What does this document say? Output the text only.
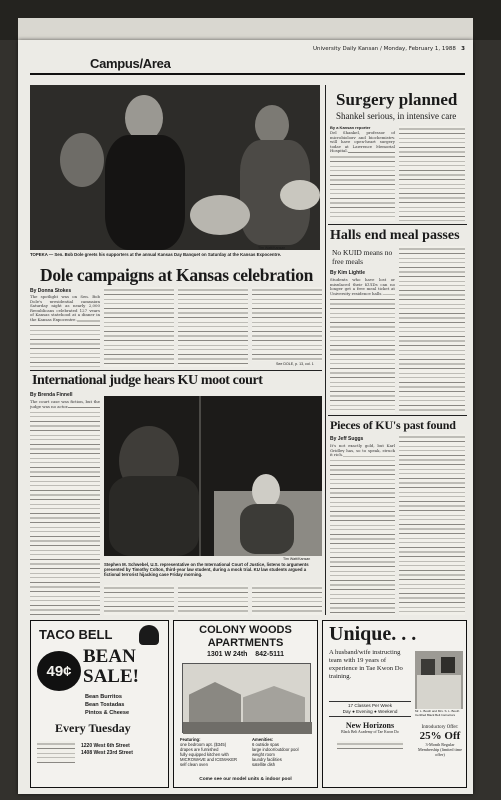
University Daily Kansan / Monday, February 1, 1988 3
Campus/Area
TOPEKA — Sen. Bob Dole greets his supporters at the annual Kansas Day Banquet on Saturday at the Kansas Expocentre.
Tim Watt/Kansan
Dole campaigns at Kansas celebration
By Donna Stokes
The spotlight was on Sen. Bob Dole's presidential campaign Saturday night as nearly 2,000 Republicans celebrated 127 years of Kansas statehood at a dinner in the Kansas Expocentre.
See DOLE, p. 13, col. 1
International judge hears KU moot court
By Brenda Finnell
The court case was fiction, but the judge was no actor.
Tim Watt/Kansan
Stephen M. Schwebel, U.S. representative on the International Court of Justice, listens to arguments presented by Timothy Colton, third-year law student, during a mock trial. KU law students argued a fictional terrorist hijacking case Friday morning.
Surgery planned
Shankel serious, in intensive care
By a Kansan reporter
Del Shankel, professor of microbiology and biochemistry, will have open-heart surgery today at Lawrence Memorial Hospital.
Halls end meal passes
No KUID means no free meals
By Kim Lightle
Students who have lost or misplaced their KUIDs can no longer get a free meal ticket at University residence halls.
Pieces of KU's past found
By Jeff Suggs
It's not exactly gold, but Karl Gridley has, so to speak, struck it rich.
TACO BELL
BEAN SALE!
49¢
Bean Burritos
Bean Tostadas
Pintos & Cheese
Every Tuesday
1220 West 6th Street
1408 West 23rd Street
COLONY WOODS
APARTMENTS
1301 W 24th 842-5111
Featuring:
one bedroom apt. ($345)
drapes are furnished
fully equipped kitchen with MICROWAVE and ICEMAKER
self clean oven
Amenities:
6 outside spas
large indoor/outdoor pool
weight room
laundry facilities
satellite dish
Come see our model units & indoor pool
Unique. . .
A husband/wife instructing team with 19 years of experience in Tae Kwon Do training.
17 Classes Per Week
Day ● Evening ● Weekend
New Horizons
Black Belt Academy of Tae Kwon Do
Mr. L. Booth and Mrs. S. L. Booth Certified Black Belt Instructors
Introductory Offer:
25% Off
3-Month Regular Membership (limited time offer)
